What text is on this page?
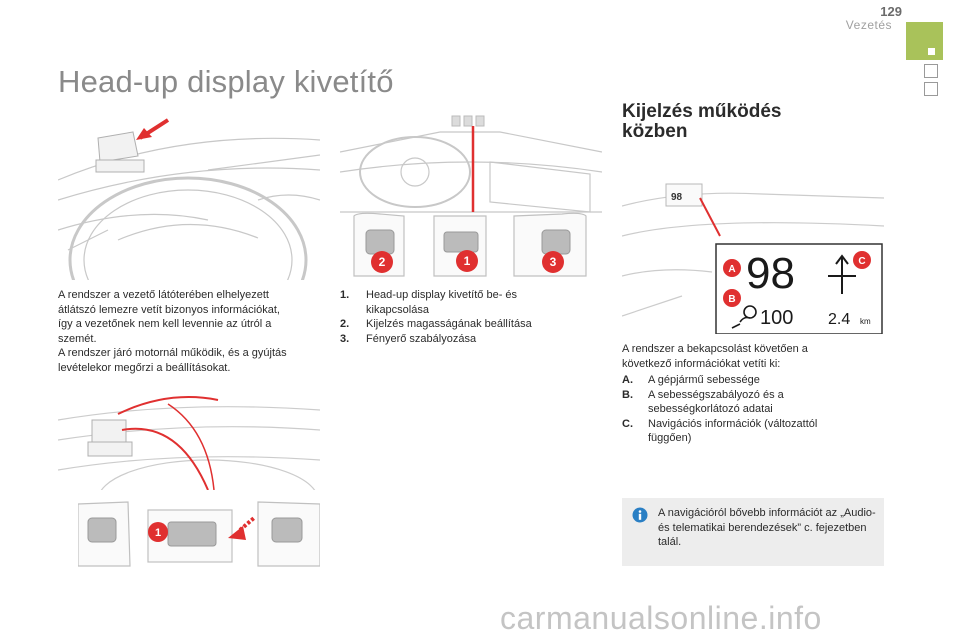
129
Vezetés
Head-up display kivetítő
Kijelzés működés közben
2	1	3
98
98
100 2.4 km
A
B
C
1
A rendszer a vezető látóterében elhelyezett
átlátszó lemezre vetít bizonyos információkat,
így a vezetőnek nem kell levennie az útról a
szemét.
A rendszer járó motornál működik, és a gyújtás
levételekor megőrzi a beállításokat.
1.	Head-up display kivetítő be- és kikapcsolása
2.	Kijelzés magasságának beállítása
3.	Fényerő szabályozása
A rendszer a bekapcsolást követően a
következő információkat vetíti ki:
A.	A gépjármű sebessége
B.	A sebességszabályozó és a sebességkorlátozó adatai
C.	Navigációs információk (változattól függően)
A navigációról bővebb információt az „Audio- és telematikai berendezések” c. fejezetben talál.
carmanualsonline.info
